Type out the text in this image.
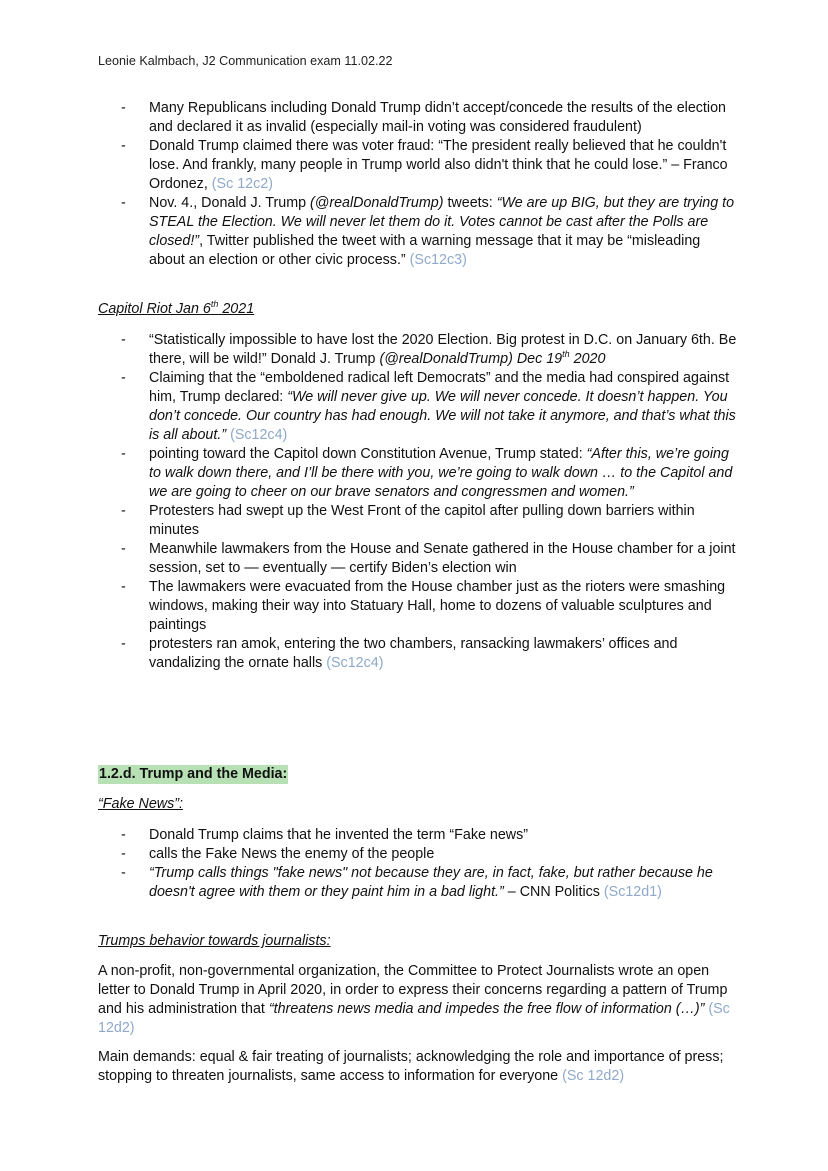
Leonie Kalmbach, J2 Communication exam 11.02.22
- Many Republicans including Donald Trump didn’t accept/concede the results of the election and declared it as invalid (especially mail-in voting was considered fraudulent)
- Donald Trump claimed there was voter fraud: “The president really believed that he couldn't lose. And frankly, many people in Trump world also didn't think that he could lose.” – Franco Ordonez, (Sc 12c2)
- Nov. 4., Donald J. Trump (@realDonaldTrump) tweets: “We are up BIG, but they are trying to STEAL the Election. We will never let them do it. Votes cannot be cast after the Polls are closed!”, Twitter published the tweet with a warning message that it may be “misleading about an election or other civic process.” (Sc12c3)
Capitol Riot Jan 6th 2021
- “Statistically impossible to have lost the 2020 Election. Big protest in D.C. on January 6th. Be there, will be wild!” Donald J. Trump (@realDonaldTrump) Dec 19th 2020
- Claiming that the “emboldened radical left Democrats” and the media had conspired against him, Trump declared: “We will never give up. We will never concede. It doesn’t happen. You don’t concede. Our country has had enough. We will not take it anymore, and that’s what this is all about.” (Sc12c4)
- pointing toward the Capitol down Constitution Avenue, Trump stated: “After this, we’re going to walk down there, and I’ll be there with you, we’re going to walk down … to the Capitol and we are going to cheer on our brave senators and congressmen and women.”
- Protesters had swept up the West Front of the capitol after pulling down barriers within minutes
- Meanwhile lawmakers from the House and Senate gathered in the House chamber for a joint session, set to — eventually — certify Biden’s election win
- The lawmakers were evacuated from the House chamber just as the rioters were smashing windows, making their way into Statuary Hall, home to dozens of valuable sculptures and paintings
- protesters ran amok, entering the two chambers, ransacking lawmakers’ offices and vandalizing the ornate halls (Sc12c4)
1.2.d. Trump and the Media:
“Fake News”:
- Donald Trump claims that he invented the term “Fake news”
- calls the Fake News the enemy of the people
- “Trump calls things "fake news" not because they are, in fact, fake, but rather because he doesn't agree with them or they paint him in a bad light.” – CNN Politics (Sc12d1)
Trumps behavior towards journalists:
A non-profit, non-governmental organization, the Committee to Protect Journalists wrote an open letter to Donald Trump in April 2020, in order to express their concerns regarding a pattern of Trump and his administration that “threatens news media and impedes the free flow of information (…)” (Sc 12d2)
Main demands: equal & fair treating of journalists; acknowledging the role and importance of press; stopping to threaten journalists, same access to information for everyone (Sc 12d2)
